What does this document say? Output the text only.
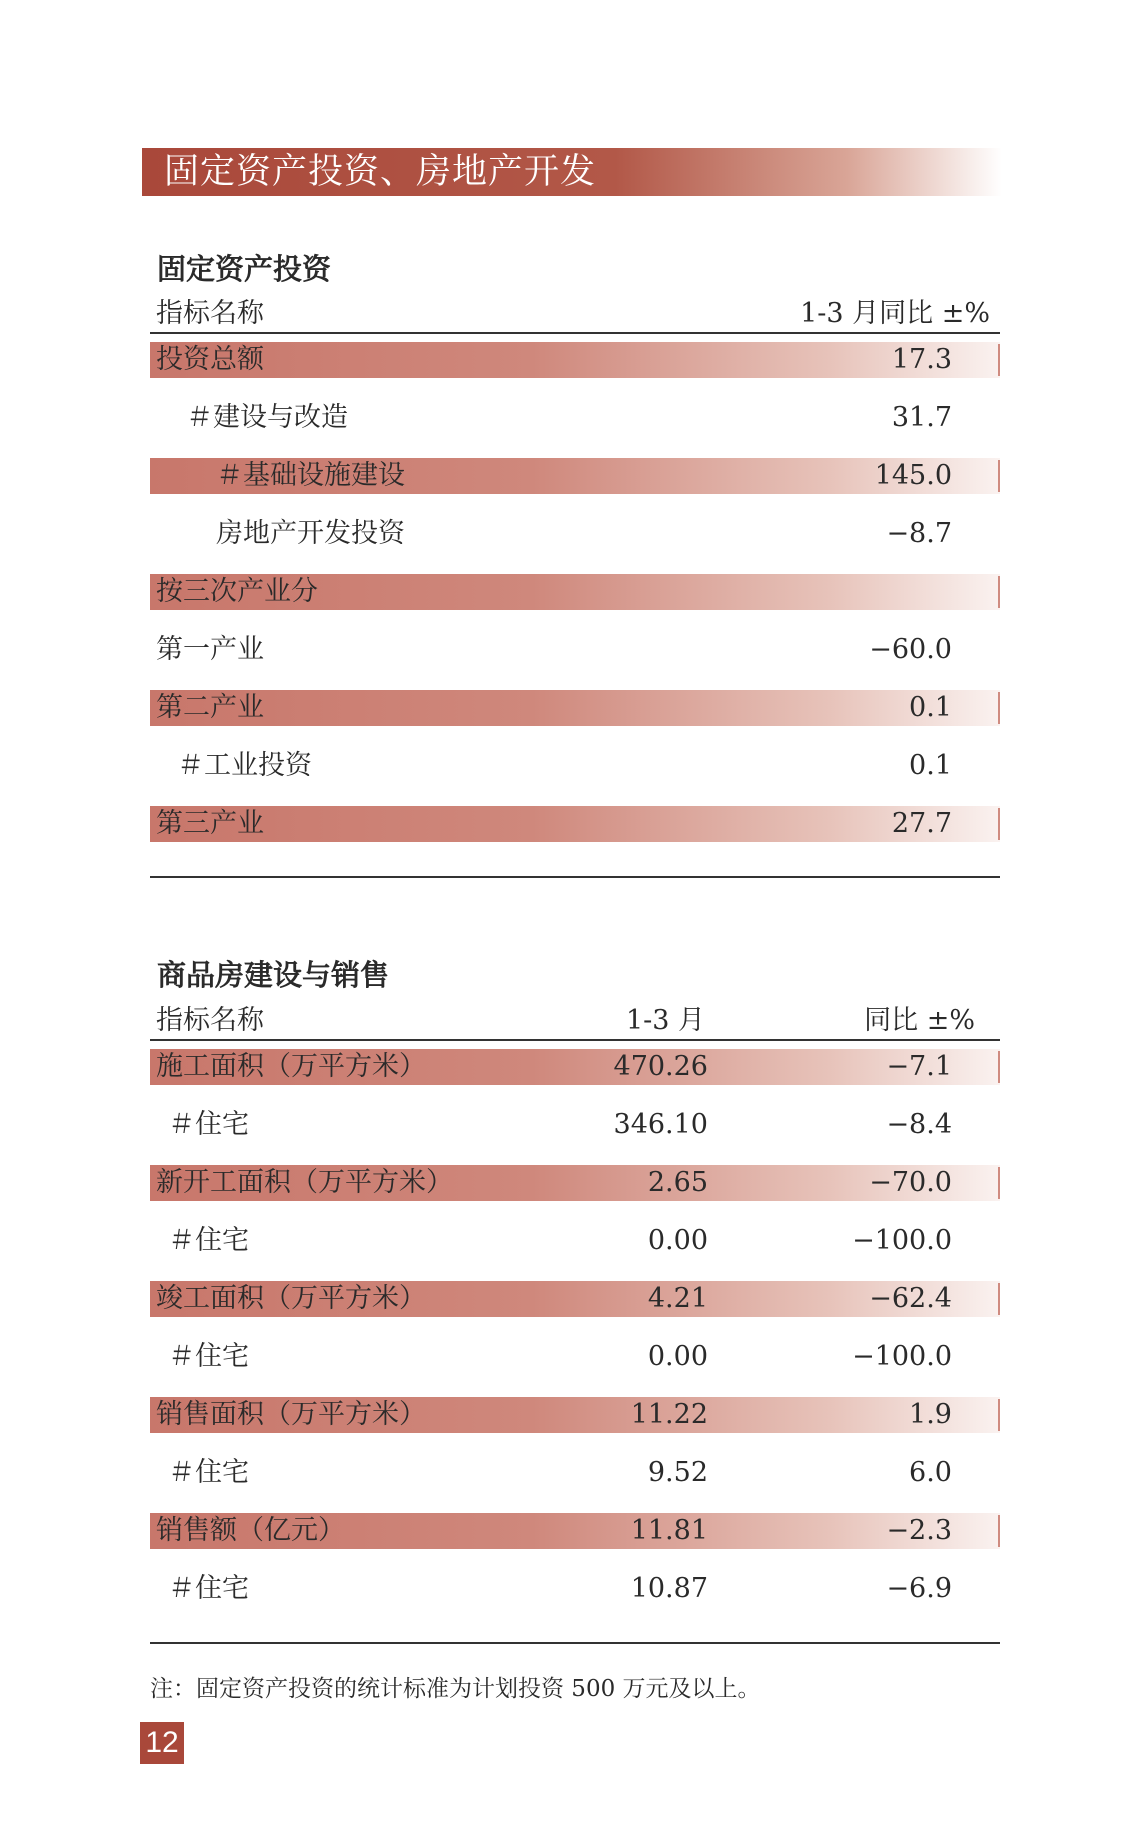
固定资产投资、房地产开发
固定资产投资
指标名称	1-3 月同比 ±%
投资总额	17.3
＃建设与改造	31.7
＃基础设施建设	145.0
房地产开发投资	−8.7
按三次产业分
第一产业	−60.0
第二产业	0.1
＃工业投资	0.1
第三产业	27.7
商品房建设与销售
指标名称	1-3 月	同比 ±%
施工面积（万平方米）	470.26	−7.1
＃住宅	346.10	−8.4
新开工面积（万平方米）	2.65	−70.0
＃住宅	0.00	−100.0
竣工面积（万平方米）	4.21	−62.4
＃住宅	0.00	−100.0
销售面积（万平方米）	11.22	1.9
＃住宅	9.52	6.0
销售额（亿元）	11.81	−2.3
＃住宅	10.87	−6.9
注：固定资产投资的统计标准为计划投资 500 万元及以上。
12
